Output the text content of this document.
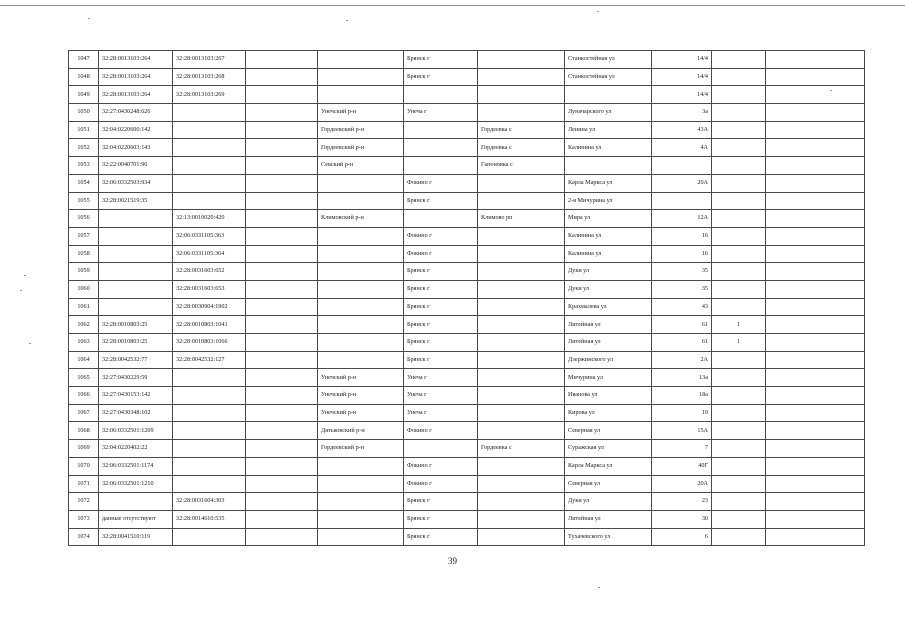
1047	32:28:0013103:264	32:28:0013103:267			Брянск г		Станкостейная ул	14/4		
1048	32:28:0013103:264	32:28:0013103:268			Брянск г		Станкостейная ул	14/4		
1049	32:28:0013103:264	32:28:0013103:269						14/4		
1050	32:27:0430248:626			Унечский р-н	Унеча г		Луначарского ул	3а		
1051	32:04:0220600:142			Гордеевский р-н		Гордеевка с	Ленина ул	43А		
1052	32:04:0220603:143			Гордеевский р-н		Гордеевка с	Калинина ул	4А		
1053	32:22:0040701:96			Севский р-н		Гапоновка с				
1054	32:06:0332503:934				Фокино г		Карла Маркса ул	20А		
1055	32:28:0021519:35				Брянск г		2-я Мичурина ул			
1056		32:13:0010020:420		Климовский р-н		Климово рп	Мира ул	12А		
1057		32:06:0331105:363			Фокино г		Калинина ул	16		
1058		32:06:0331105:364			Фокино г		Калинина ул	16		
1059		32:28:0031603:652			Брянск г		Дуки ул	35		
1060		32:28:0031603:653			Брянск г		Дуки ул	35		
1061		32:28:0030904:1902			Брянск г		Крахмалева ул	43		
1062	32:28:0010803:25	32:28:0010803:1041			Брянск г		Литейная ул	61	1	
1063	32:28:0010803:25	32:28:0010803:1066			Брянск г		Литейная ул	61	1	
1064	32:28:0042532:77	32:28:0042532:127			Брянск г		Дзержинского ул	2А		
1065	32:27:0430229:59			Унечский р-н	Унеча г		Мичурина ул	13а		
1066	32:27:0430153:142			Унечский р-н	Унеча г		Иванова ул	18а		
1067	32:27:0430348:102			Унечский р-н	Унеча г		Кирова ул	19		
1068	32:06:0332501:1209			Дятьковский р-н	Фокино г		Северная ул	15А		
1069	32:04:0220402:22			Гордеевский р-н		Гордеевка с	Суражская ул	7		
1070	32:06:0332501:1174				Фокино г		Карла Маркса ул	40Г		
1071	32:06:0332501:1210				Фокино г		Северная ул	20А		
1072		32:28:0031604:303			Брянск г		Дуки ул	23		
1073	данные отсутствуют	32:28:0014610:535			Брянск г		Литейная ул	30		
1074	32:28:0041510:119				Брянск г		Тухачевского ул	6		
39
